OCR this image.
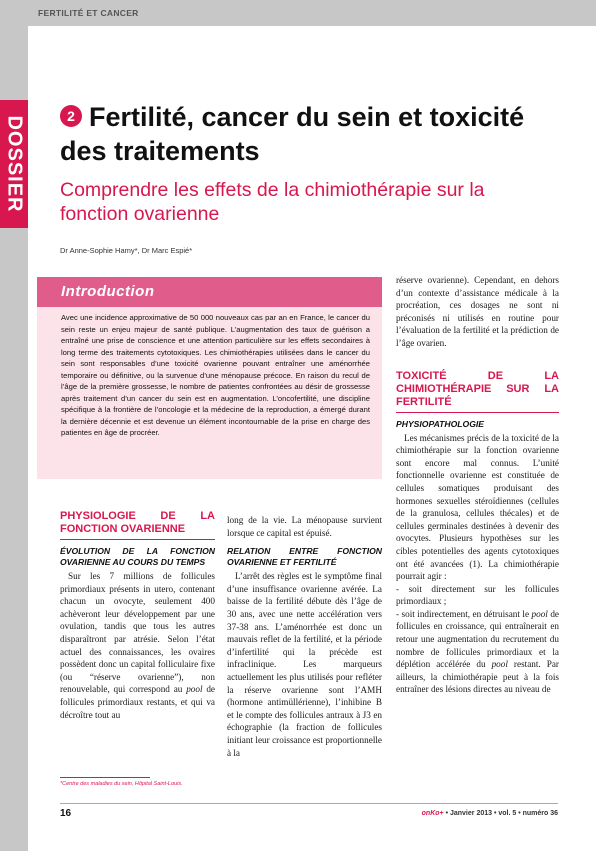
FERTILITÉ ET CANCER
DOSSIER	2 Fertilité, cancer du sein et toxicité des traitements
Comprendre les effets de la chimiothérapie sur la fonction ovarienne
Dr Anne-Sophie Hamy*, Dr Marc Espié*
Introduction
Avec une incidence approximative de 50 000 nouveaux cas par an en France, le cancer du sein reste un enjeu majeur de santé publique. L’augmentation des taux de guérison a entraîné une prise de conscience et une attention particulière sur les effets secondaires à long terme des traitements cytotoxiques. Les chimiothérapies utilisées dans le cancer du sein sont responsables d’une toxicité ovarienne pouvant entraîner une aménorrhée temporaire ou définitive, ou la survenue d’une ménopause précoce. En raison du recul de l’âge de la première grossesse, le nombre de patientes confrontées au désir de grossesse après traitement d’un cancer du sein est en augmentation. L’oncofertilité, une discipline spécifique à la frontière de l’oncologie et la médecine de la reproduction, a émergé durant la dernière décennie et est devenue un élément incontournable de la prise en charge des patientes en âge de procréer.
PHYSIOLOGIE DE LA FONCTION OVARIENNE
ÉVOLUTION DE LA FONCTION OVARIENNE AU COURS DU TEMPS

Sur les 7 millions de follicules primordiaux présents in utero, contenant chacun un ovocyte, seulement 400 achèveront leur développement par une ovulation, tandis que tous les autres disparaîtront par atrésie. Selon l’état actuel des connaissances, les ovaires possèdent donc un capital folliculaire fixe (ou “réserve ovarienne”), non renouvelable, qui correspond au pool de follicules primordiaux restants, et qui va décroître tout au

long de la vie. La ménopause survient lorsque ce capital est épuisé.

RELATION ENTRE FONCTION OVARIENNE ET FERTILITÉ

L’arrêt des règles est le symptôme final d’une insuffisance ovarienne avérée. La baisse de la fertilité débute dès l’âge de 30 ans, avec une nette accélération vers 37-38 ans. L’aménorrhée est donc un mauvais reflet de la fertilité, et la période d’infertilité qui la précède est infraclinique. Les marqueurs actuellement les plus utilisés pour refléter la réserve ovarienne sont l’AMH (hormone antimüllérienne), l’inhibine B et le compte des follicules antraux à J3 en échographie (la fraction de follicules initiant leur croissance est proportionnelle à la

réserve ovarienne). Cependant, en dehors d’un contexte d’assistance médicale à la procréation, ces dosages ne sont ni préconisés ni utilisés en routine pour l’évaluation de la fertilité et la prédiction de l’âge ovarien.

TOXICITÉ DE LA CHIMIOTHÉRAPIE SUR LA FERTILITÉ
PHYSIOPATHOLOGIE

Les mécanismes précis de la toxicité de la chimiothérapie sur la fonction ovarienne sont encore mal connus. L’unité fonctionnelle ovarienne est constituée de cellules somatiques produisant des hormones sexuelles stéroïdiennes (cellules de la granulosa, cellules thécales) et de cellules germinales destinées à devenir des ovocytes. Plusieurs hypothèses sur les cibles potentielles des agents cytotoxiques ont été avancées (1). La chimiothérapie pourrait agir :

- soit directement sur les follicules primordiaux ;

- soit indirectement, en détruisant le pool de follicules en croissance, qui entraînerait en retour une augmentation du recrutement du nombre de follicules primordiaux et la déplétion accélérée du pool restant. Par ailleurs, la chimiothérapie peut à la fois entraîner des lésions directes au niveau de

*Centre des maladies du sein, Hôpital Saint-Louis.
16	onKo+ • Janvier 2013 • vol. 5 • numéro 36
